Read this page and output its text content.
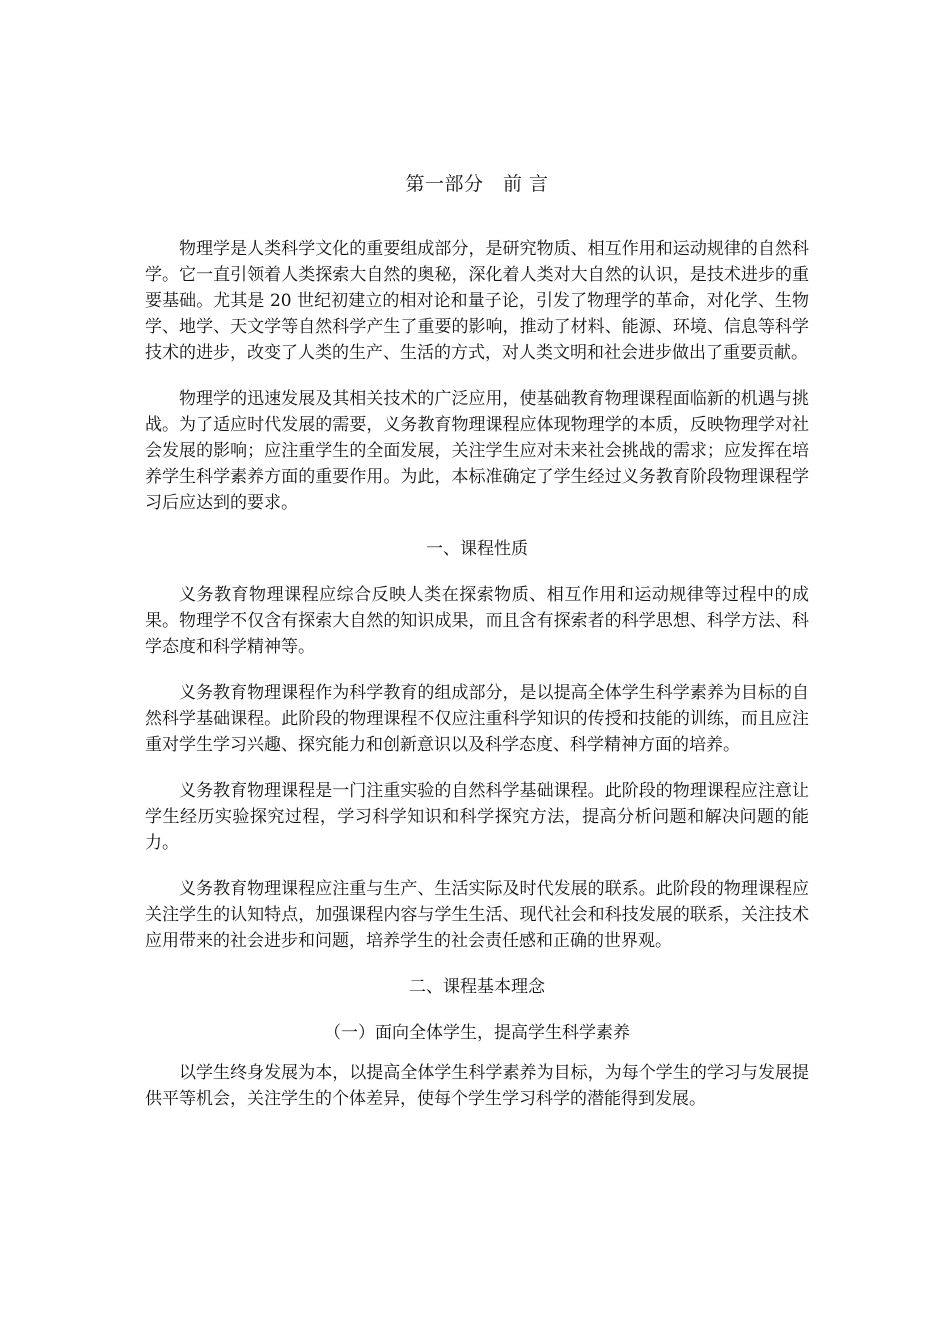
第一部分　前 言

物理学是人类科学文化的重要组成部分，是研究物质、相互作用和运动规律的自然科学。它一直引领着人类探索大自然的奥秘，深化着人类对大自然的认识，是技术进步的重要基础。尤其是 20 世纪初建立的相对论和量子论，引发了物理学的革命，对化学、生物学、地学、天文学等自然科学产生了重要的影响，推动了材料、能源、环境、信息等科学技术的进步，改变了人类的生产、生活的方式，对人类文明和社会进步做出了重要贡献。

物理学的迅速发展及其相关技术的广泛应用，使基础教育物理课程面临新的机遇与挑战。为了适应时代发展的需要，义务教育物理课程应体现物理学的本质，反映物理学对社会发展的影响；应注重学生的全面发展，关注学生应对未来社会挑战的需求；应发挥在培养学生科学素养方面的重要作用。为此，本标准确定了学生经过义务教育阶段物理课程学习后应达到的要求。

一、课程性质

义务教育物理课程应综合反映人类在探索物质、相互作用和运动规律等过程中的成果。物理学不仅含有探索大自然的知识成果，而且含有探索者的科学思想、科学方法、科学态度和科学精神等。

义务教育物理课程作为科学教育的组成部分，是以提高全体学生科学素养为目标的自然科学基础课程。此阶段的物理课程不仅应注重科学知识的传授和技能的训练，而且应注重对学生学习兴趣、探究能力和创新意识以及科学态度、科学精神方面的培养。

义务教育物理课程是一门注重实验的自然科学基础课程。此阶段的物理课程应注意让学生经历实验探究过程，学习科学知识和科学探究方法，提高分析问题和解决问题的能力。

义务教育物理课程应注重与生产、生活实际及时代发展的联系。此阶段的物理课程应关注学生的认知特点，加强课程内容与学生生活、现代社会和科技发展的联系，关注技术应用带来的社会进步和问题，培养学生的社会责任感和正确的世界观。

二、课程基本理念
（一）面向全体学生，提高学生科学素养

以学生终身发展为本，以提高全体学生科学素养为目标，为每个学生的学习与发展提供平等机会，关注学生的个体差异，使每个学生学习科学的潜能得到发展。
